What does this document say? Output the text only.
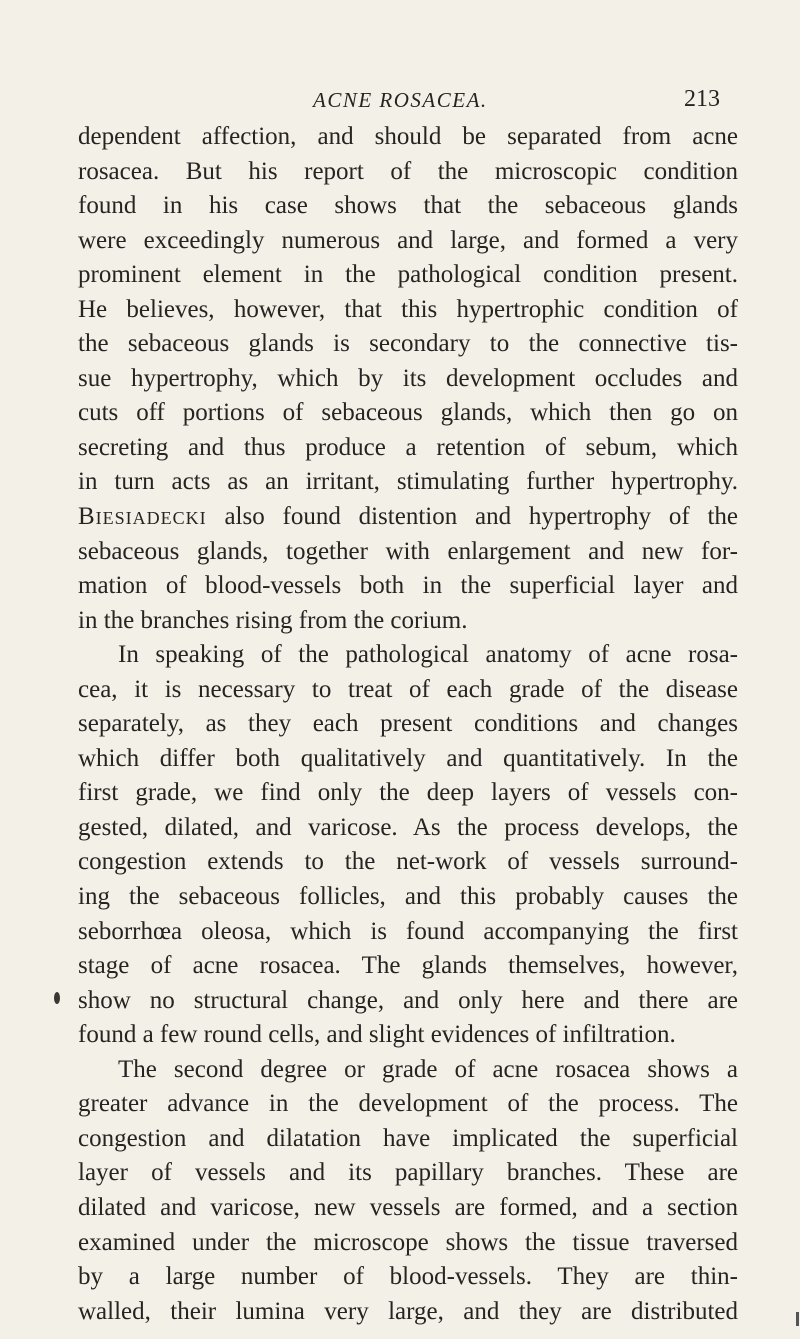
ACNE ROSACEA.	213
dependent affection, and should be separated from acne
rosacea. But his report of the microscopic condition
found in his case shows that the sebaceous glands
were exceedingly numerous and large, and formed a very
prominent element in the pathological condition present.
He believes, however, that this hypertrophic condition of
the sebaceous glands is secondary to the connective tis-
sue hypertrophy, which by its development occludes and
cuts off portions of sebaceous glands, which then go on
secreting and thus produce a retention of sebum, which
in turn acts as an irritant, stimulating further hypertrophy.
Biesiadecki also found distention and hypertrophy of the
sebaceous glands, together with enlargement and new for-
mation of blood-vessels both in the superficial layer and
in the branches rising from the corium.
In speaking of the pathological anatomy of acne rosa-
cea, it is necessary to treat of each grade of the disease
separately, as they each present conditions and changes
which differ both qualitatively and quantitatively. In the
first grade, we find only the deep layers of vessels con-
gested, dilated, and varicose. As the process develops, the
congestion extends to the net-work of vessels surround-
ing the sebaceous follicles, and this probably causes the
seborrhœa oleosa, which is found accompanying the first
stage of acne rosacea. The glands themselves, however,
show no structural change, and only here and there are
found a few round cells, and slight evidences of infiltration.
The second degree or grade of acne rosacea shows a
greater advance in the development of the process. The
congestion and dilatation have implicated the superficial
layer of vessels and its papillary branches. These are
dilated and varicose, new vessels are formed, and a section
examined under the microscope shows the tissue traversed
by a large number of blood-vessels. They are thin-
walled, their lumina very large, and they are distributed
